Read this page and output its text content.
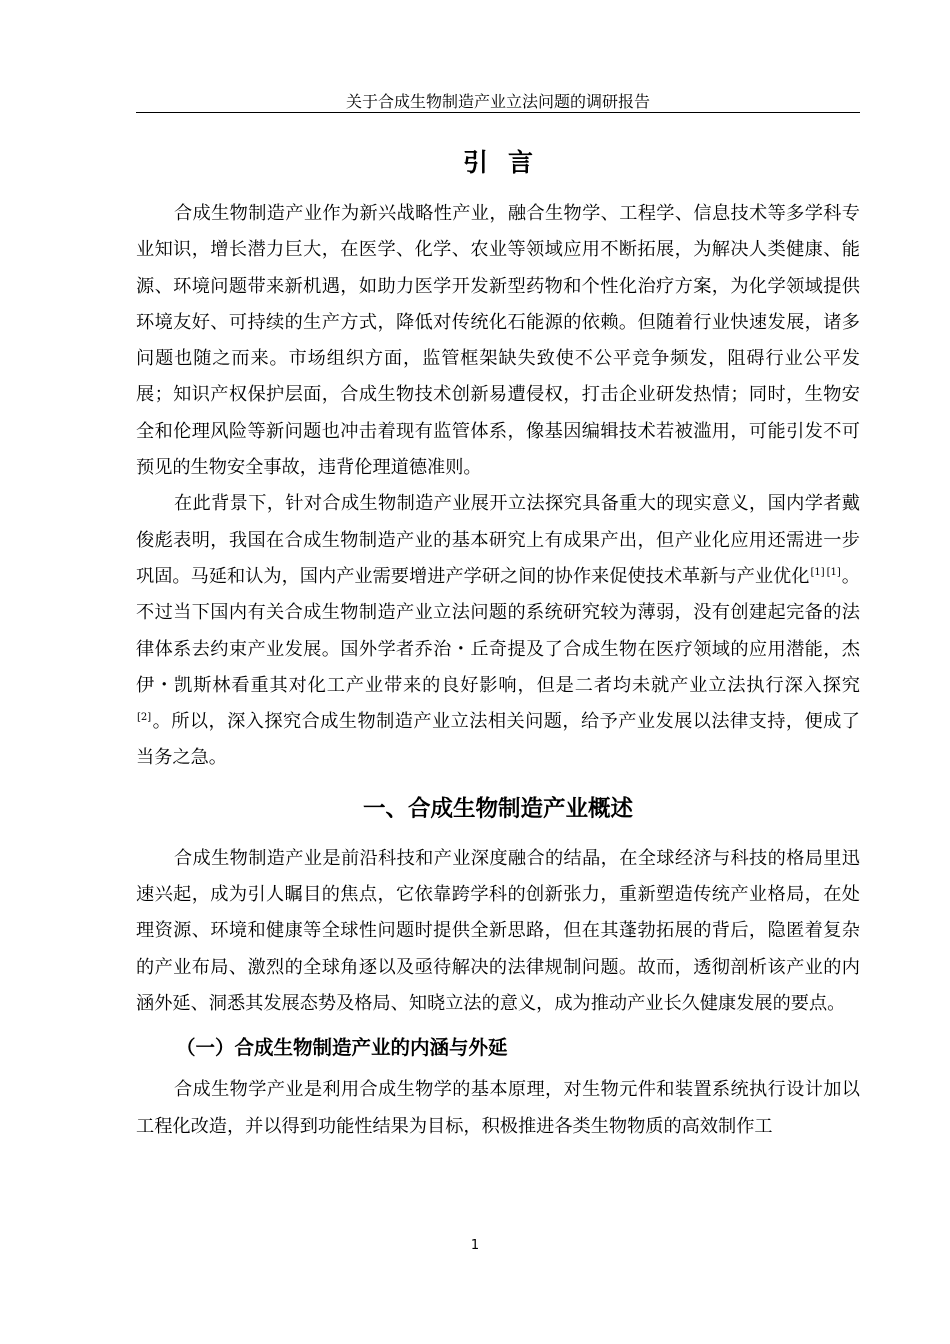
关于合成生物制造产业立法问题的调研报告
引言

合成生物制造产业作为新兴战略性产业，融合生物学、工程学、信息技术等多学科专业知识，增长潜力巨大，在医学、化学、农业等领域应用不断拓展，为解决人类健康、能源、环境问题带来新机遇，如助力医学开发新型药物和个性化治疗方案，为化学领域提供环境友好、可持续的生产方式，降低对传统化石能源的依赖。但随着行业快速发展，诸多问题也随之而来。市场组织方面，监管框架缺失致使不公平竞争频发，阻碍行业公平发展；知识产权保护层面，合成生物技术创新易遭侵权，打击企业研发热情；同时，生物安全和伦理风险等新问题也冲击着现有监管体系，像基因编辑技术若被滥用，可能引发不可预见的生物安全事故，违背伦理道德准则。

在此背景下，针对合成生物制造产业展开立法探究具备重大的现实意义，国内学者戴俊彪表明，我国在合成生物制造产业的基本研究上有成果产出，但产业化应用还需进一步巩固。马延和认为，国内产业需要增进产学研之间的协作来促使技术革新与产业优化[1] [1]。不过当下国内有关合成生物制造产业立法问题的系统研究较为薄弱，没有创建起完备的法律体系去约束产业发展。国外学者乔治・丘奇提及了合成生物在医疗领域的应用潜能，杰伊・凯斯林看重其对化工产业带来的良好影响，但是二者均未就产业立法执行深入探究[2]。所以，深入探究合成生物制造产业立法相关问题，给予产业发展以法律支持，便成了当务之急。

一、合成生物制造产业概述

合成生物制造产业是前沿科技和产业深度融合的结晶，在全球经济与科技的格局里迅速兴起，成为引人瞩目的焦点，它依靠跨学科的创新张力，重新塑造传统产业格局，在处理资源、环境和健康等全球性问题时提供全新思路，但在其蓬勃拓展的背后，隐匿着复杂的产业布局、激烈的全球角逐以及亟待解决的法律规制问题。故而，透彻剖析该产业的内涵外延、洞悉其发展态势及格局、知晓立法的意义，成为推动产业长久健康发展的要点。

（一）合成生物制造产业的内涵与外延

合成生物学产业是利用合成生物学的基本原理，对生物元件和装置系统执行设计加以工程化改造，并以得到功能性结果为目标，积极推进各类生物物质的高效制作工

1
